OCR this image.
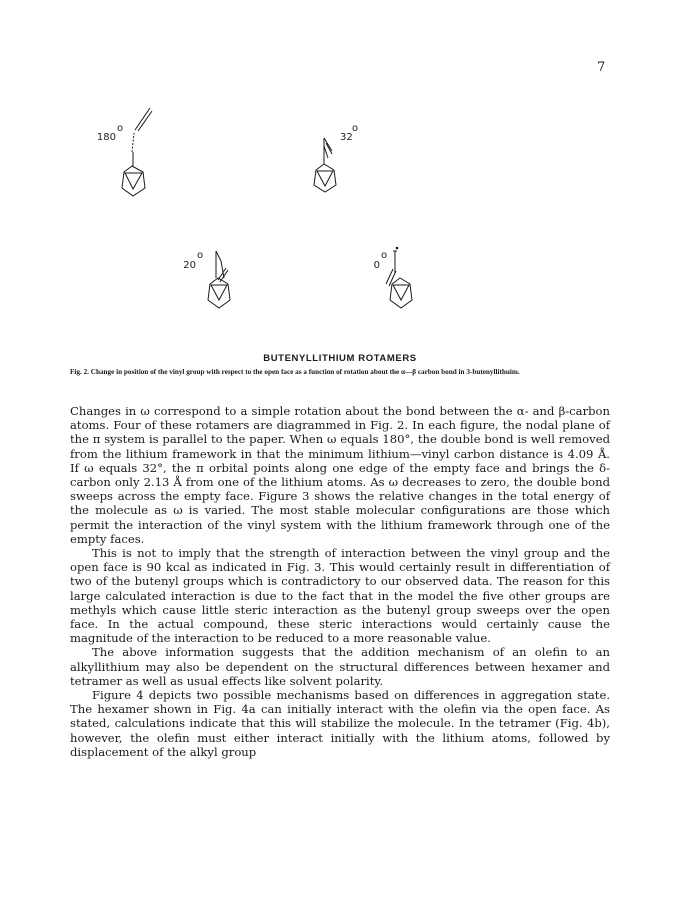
7
180
o
32
o
20
o
0
o
BUTENYLLITHIUM ROTAMERS
Fig. 2. Change in position of the vinyl group with respect to the open face as a function of rotation about the α—β carbon bond in 3-butenyllithuim.

Changes in ω correspond to a simple rotation about the bond between the α- and β-carbon atoms. Four of these rotamers are diagrammed in Fig. 2. In each figure, the nodal plane of the π system is parallel to the paper. When ω equals 180°, the double bond is well removed from the lithium framework in that the minimum lithium—vinyl carbon distance is 4.09 Å. If ω equals 32°, the π orbital points along one edge of the empty face and brings the δ-carbon only 2.13 Å from one of the lithium atoms. As ω decreases to zero, the double bond sweeps across the empty face. Figure 3 shows the relative changes in the total energy of the molecule as ω is varied. The most stable molecular configurations are those which permit the interaction of the vinyl system with the lithium framework through one of the empty faces.

This is not to imply that the strength of interaction between the vinyl group and the open face is 90 kcal as indicated in Fig. 3. This would certainly result in differentiation of two of the butenyl groups which is contradictory to our observed data. The reason for this large calculated interaction is due to the fact that in the model the five other groups are methyls which cause little steric interaction as the butenyl group sweeps over the open face. In the actual compound, these steric interactions would certainly cause the magnitude of the interaction to be reduced to a more reasonable value.

The above information suggests that the addition mechanism of an olefin to an alkyllithium may also be dependent on the structural differences between hexamer and tetramer as well as usual effects like solvent polarity.

Figure 4 depicts two possible mechanisms based on differences in aggregation state. The hexamer shown in Fig. 4a can initially interact with the olefin via the open face. As stated, calculations indicate that this will stabilize the molecule. In the tetramer (Fig. 4b), however, the olefin must either interact initially with the lithium atoms, followed by displacement of the alkyl group
